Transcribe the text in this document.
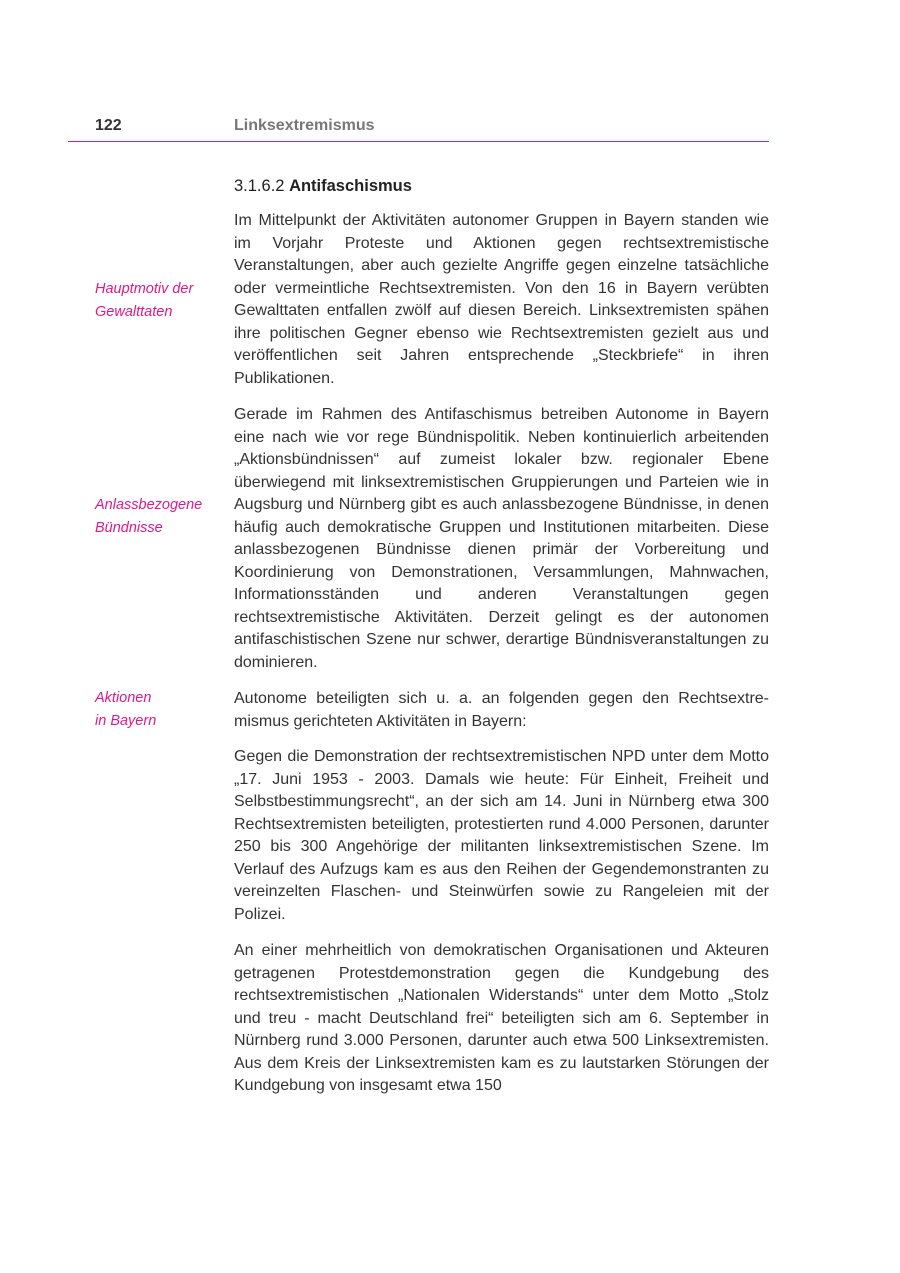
122	Linksextremismus
3.1.6.2 Antifaschismus
Hauptmotiv der
Gewalttaten
Anlassbezogene
Bündnisse
Aktionen
in Bayern

Im Mittelpunkt der Aktivitäten autonomer Gruppen in Bayern standen wie im Vorjahr Proteste und Aktionen gegen rechtsextremistische Veranstaltungen, aber auch gezielte Angriffe gegen einzelne tatsächliche oder vermeintliche Rechtsextremisten. Von den 16 in Bayern verübten Gewalttaten entfallen zwölf auf diesen Bereich. Linksextremisten spähen ihre politischen Gegner ebenso wie Rechtsextremisten gezielt aus und veröffentlichen seit Jahren entsprechende „Steckbriefe“ in ihren Publikationen.

Gerade im Rahmen des Antifaschismus betreiben Autonome in Bayern eine nach wie vor rege Bündnispolitik. Neben kontinuierlich arbeitenden „Aktionsbündnissen“ auf zumeist lokaler bzw. regionaler Ebene überwiegend mit linksextremistischen Gruppierungen und Parteien wie in Augsburg und Nürnberg gibt es auch anlassbezogene Bündnisse, in denen häufig auch demokratische Gruppen und Institutionen mitarbeiten. Diese anlassbezogenen Bündnisse dienen primär der Vorbereitung und Koordinierung von Demonstrationen, Versammlungen, Mahnwachen, Informationsständen und anderen Veranstaltungen gegen rechtsextremistische Aktivitäten. Derzeit gelingt es der autonomen antifaschistischen Szene nur schwer, derartige Bündnisveranstaltungen zu dominieren.

Autonome beteiligten sich u. a. an folgenden gegen den Rechtsextremismus gerichteten Aktivitäten in Bayern:

Gegen die Demonstration der rechtsextremistischen NPD unter dem Motto „17. Juni 1953 - 2003. Damals wie heute: Für Einheit, Freiheit und Selbstbestimmungsrecht“, an der sich am 14. Juni in Nürnberg etwa 300 Rechtsextremisten beteiligten, protestierten rund 4.000 Personen, darunter 250 bis 300 Angehörige der militanten linksextremistischen Szene. Im Verlauf des Aufzugs kam es aus den Reihen der Gegendemonstranten zu vereinzelten Flaschen- und Steinwürfen sowie zu Rangeleien mit der Polizei.

An einer mehrheitlich von demokratischen Organisationen und Akteuren getragenen Protestdemonstration gegen die Kundgebung des rechtsextremistischen „Nationalen Widerstands“ unter dem Motto „Stolz und treu - macht Deutschland frei“ beteiligten sich am 6. September in Nürnberg rund 3.000 Personen, darunter auch etwa 500 Linksextremisten. Aus dem Kreis der Linksextremisten kam es zu lautstarken Störungen der Kundgebung von insgesamt etwa 150
